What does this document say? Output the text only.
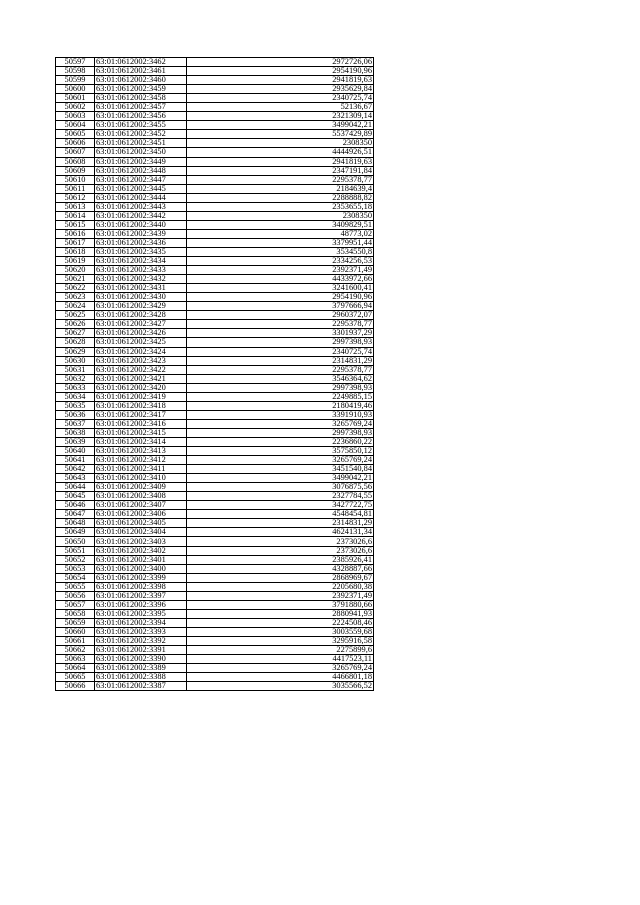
50597	63:01:0612002:3462	2972726,06
50598	63:01:0612002:3461	2954190,96
50599	63:01:0612002:3460	2941819,63
50600	63:01:0612002:3459	2935629,84
50601	63:01:0612002:3458	2340725,74
50602	63:01:0612002:3457	52136,67
50603	63:01:0612002:3456	2321309,14
50604	63:01:0612002:3455	3499042,21
50605	63:01:0612002:3452	5537429,89
50606	63:01:0612002:3451	2308350
50607	63:01:0612002:3450	4444926,51
50608	63:01:0612002:3449	2941819,63
50609	63:01:0612002:3448	2347191,84
50610	63:01:0612002:3447	2295378,77
50611	63:01:0612002:3445	2184639,4
50612	63:01:0612002:3444	2288888,82
50613	63:01:0612002:3443	2353655,18
50614	63:01:0612002:3442	2308350
50615	63:01:0612002:3440	3409829,51
50616	63:01:0612002:3439	48773,02
50617	63:01:0612002:3436	3379951,44
50618	63:01:0612002:3435	3534550,8
50619	63:01:0612002:3434	2334256,53
50620	63:01:0612002:3433	2392371,49
50621	63:01:0612002:3432	4433972,66
50622	63:01:0612002:3431	3241600,41
50623	63:01:0612002:3430	2954190,96
50624	63:01:0612002:3429	3797666,94
50625	63:01:0612002:3428	2960372,07
50626	63:01:0612002:3427	2295378,77
50627	63:01:0612002:3426	3301937,29
50628	63:01:0612002:3425	2997398,93
50629	63:01:0612002:3424	2340725,74
50630	63:01:0612002:3423	2314831,29
50631	63:01:0612002:3422	2295378,77
50632	63:01:0612002:3421	3546364,62
50633	63:01:0612002:3420	2997398,93
50634	63:01:0612002:3419	2249885,15
50635	63:01:0612002:3418	2180419,46
50636	63:01:0612002:3417	3391910,93
50637	63:01:0612002:3416	3265769,24
50638	63:01:0612002:3415	2997398,93
50639	63:01:0612002:3414	2236860,22
50640	63:01:0612002:3413	3575850,12
50641	63:01:0612002:3412	3265769,24
50642	63:01:0612002:3411	3451540,84
50643	63:01:0612002:3410	3499042,21
50644	63:01:0612002:3409	3076875,56
50645	63:01:0612002:3408	2327784,55
50646	63:01:0612002:3407	3427722,75
50647	63:01:0612002:3406	4548454,81
50648	63:01:0612002:3405	2314831,29
50649	63:01:0612002:3404	4624131,34
50650	63:01:0612002:3403	2373026,6
50651	63:01:0612002:3402	2373026,6
50652	63:01:0612002:3401	2385926,41
50653	63:01:0612002:3400	4328887,66
50654	63:01:0612002:3399	2868969,67
50655	63:01:0612002:3398	2205680,38
50656	63:01:0612002:3397	2392371,49
50657	63:01:0612002:3396	3791880,66
50658	63:01:0612002:3395	2880941,93
50659	63:01:0612002:3394	2224508,46
50660	63:01:0612002:3393	3003559,68
50661	63:01:0612002:3392	3295916,58
50662	63:01:0612002:3391	2275899,6
50663	63:01:0612002:3390	4417523,11
50664	63:01:0612002:3389	3265769,24
50665	63:01:0612002:3388	4466801,18
50666	63:01:0612002:3387	3035566,52
